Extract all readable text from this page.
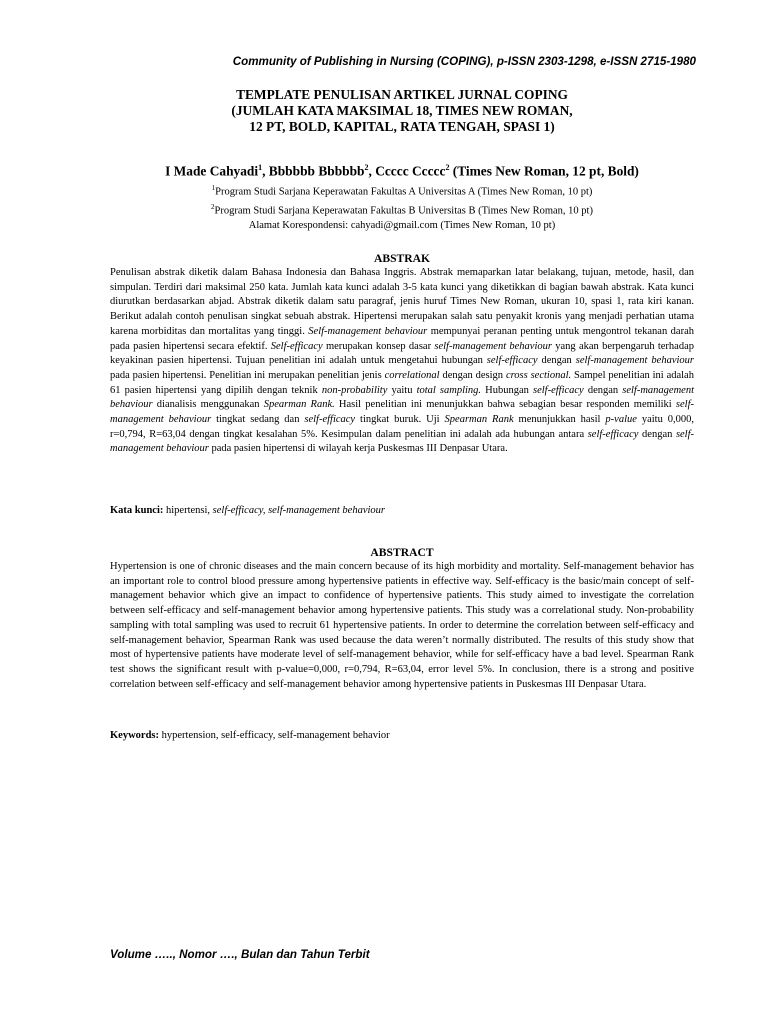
Community of Publishing in Nursing (COPING), p-ISSN 2303-1298, e-ISSN 2715-1980
TEMPLATE PENULISAN ARTIKEL JURNAL COPING
(JUMLAH KATA MAKSIMAL 18, TIMES NEW ROMAN,
12 PT, BOLD, KAPITAL, RATA TENGAH, SPASI 1)
I Made Cahyadi$^1$, Bbbbbb Bbbbbb$^2$, Ccccc Ccccc$^2$ (Times New Roman, 12 pt, Bold)
$^1$Program Studi Sarjana Keperawatan Fakultas A Universitas A (Times New Roman, 10 pt)
$^2$Program Studi Sarjana Keperawatan Fakultas B Universitas B (Times New Roman, 10 pt)
Alamat Korespondensi: cahyadi@gmail.com (Times New Roman, 10 pt)
ABSTRAK
Penulisan abstrak diketik dalam Bahasa Indonesia dan Bahasa Inggris. Abstrak memaparkan latar belakang, tujuan, metode, hasil, dan simpulan. Terdiri dari maksimal 250 kata. Jumlah kata kunci adalah 3-5 kata kunci yang diketikkan di bagian bawah abstrak. Kata kunci diurutkan berdasarkan abjad. Abstrak diketik dalam satu paragraf, jenis huruf Times New Roman, ukuran 10, spasi 1, rata kiri kanan. Berikut adalah contoh penulisan singkat sebuah abstrak. Hipertensi merupakan salah satu penyakit kronis yang menjadi perhatian utama karena morbiditas dan mortalitas yang tinggi. Self-management behaviour mempunyai peranan penting untuk mengontrol tekanan darah pada pasien hipertensi secara efektif. Self-efficacy merupakan konsep dasar self-management behaviour yang akan berpengaruh terhadap keyakinan pasien hipertensi. Tujuan penelitian ini adalah untuk mengetahui hubungan self-efficacy dengan self-management behaviour pada pasien hipertensi. Penelitian ini merupakan penelitian jenis correlational dengan design cross sectional. Sampel penelitian ini adalah 61 pasien hipertensi yang dipilih dengan teknik non-probability yaitu total sampling. Hubungan self-efficacy dengan self-management behaviour dianalisis menggunakan Spearman Rank. Hasil penelitian ini menunjukkan bahwa sebagian besar responden memiliki self-management behaviour tingkat sedang dan self-efficacy tingkat buruk. Uji Spearman Rank menunjukkan hasil p-value yaitu 0,000, r=0,794, R=63,04 dengan tingkat kesalahan 5%. Kesimpulan dalam penelitian ini adalah ada hubungan antara self-efficacy dengan self-management behaviour pada pasien hipertensi di wilayah kerja Puskesmas III Denpasar Utara.
Kata kunci: hipertensi, self-efficacy, self-management behaviour
ABSTRACT
Hypertension is one of chronic diseases and the main concern because of its high morbidity and mortality. Self-management behavior has an important role to control blood pressure among hypertensive patients in effective way. Self-efficacy is the basic/main concept of self-management behavior which give an impact to confidence of hypertensive patients. This study aimed to investigate the correlation between self-efficacy and self-management behavior among hypertensive patients. This study was a correlational study. Non-probability sampling with total sampling was used to recruit 61 hypertensive patients. In order to determine the correlation between self-efficacy and self-management behavior, Spearman Rank was used because the data weren’t normally distributed. The results of this study show that most of hypertensive patients have moderate level of self-management behavior, while for self-efficacy have a bad level. Spearman Rank test shows the significant result with p-value=0,000, r=0,794, R=63,04, error level 5%. In conclusion, there is a strong and positive correlation between self-efficacy and self-management behavior among hypertensive patients in Puskesmas III Denpasar Utara.
Keywords: hypertension, self-efficacy, self-management behavior
Volume ….., Nomor …., Bulan dan Tahun Terbit
